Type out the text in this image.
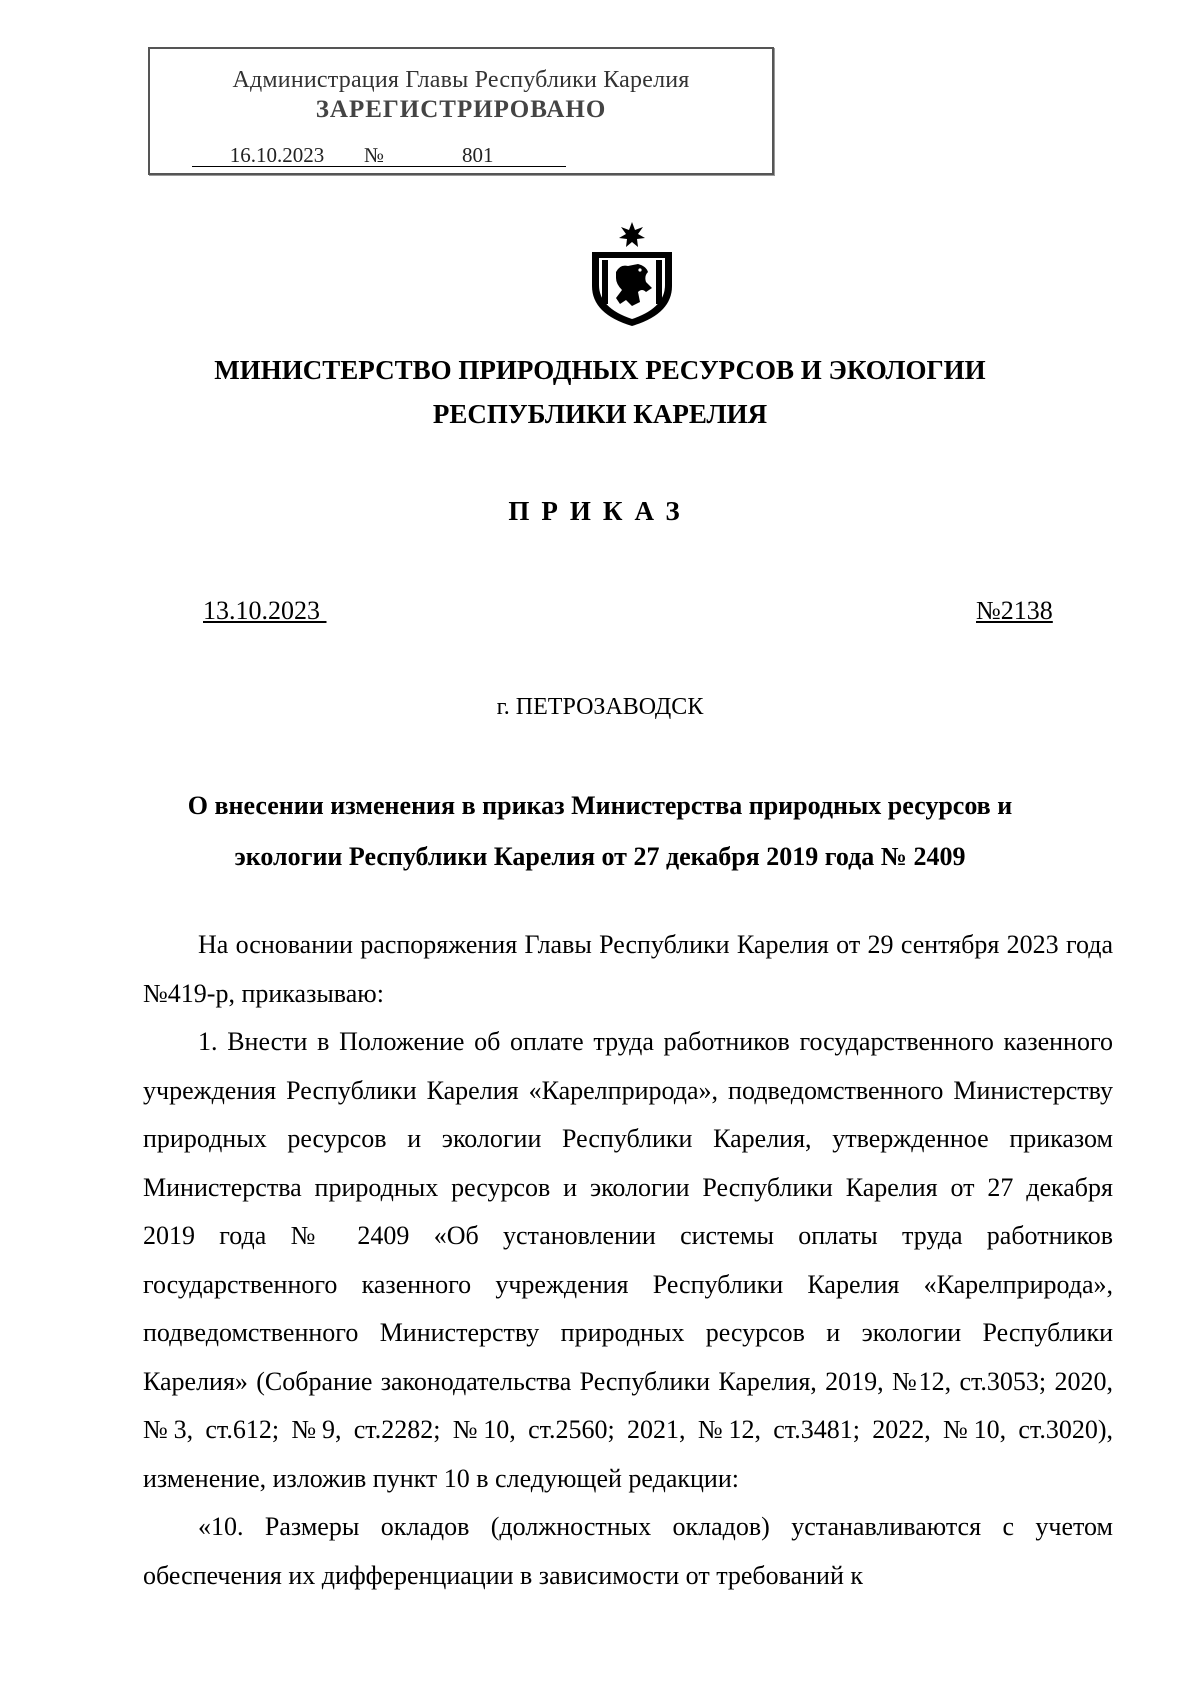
Администрация Главы Республики Карелия
ЗАРЕГИСТРИРОВАНО
16.10.2023 №	801
МИНИСТЕРСТВО ПРИРОДНЫХ РЕСУРСОВ И ЭКОЛОГИИ
РЕСПУБЛИКИ КАРЕЛИЯ
ПРИКАЗ
13.10.2023	№2138
г. ПЕТРОЗАВОДСК
О внесении изменения в приказ Министерства природных ресурсов и
экологии Республики Карелия от 27 декабря 2019 года № 2409

На основании распоряжения Главы Республики Карелия от 29 сентября 2023 года №419-р, приказываю:

1. Внести в Положение об оплате труда работников государственного казенного учреждения Республики Карелия «Карелприрода», подведомственного Министерству природных ресурсов и экологии Республики Карелия, утвержденное приказом Министерства природных ресурсов и экологии Республики Карелия от 27 декабря 2019 года № 2409 «Об установлении системы оплаты труда работников государственного казенного учреждения Республики Карелия «Карелприрода», подведомственного Министерству природных ресурсов и экологии Республики Карелия» (Собрание законодательства Республики Карелия, 2019, №12, ст.3053; 2020, №3, ст.612; №9, ст.2282; №10, ст.2560; 2021, №12, ст.3481; 2022, №10, ст.3020), изменение, изложив пункт 10 в следующей редакции:

«10. Размеры окладов (должностных окладов) устанавливаются с учетом обеспечения их дифференциации в зависимости от требований к
